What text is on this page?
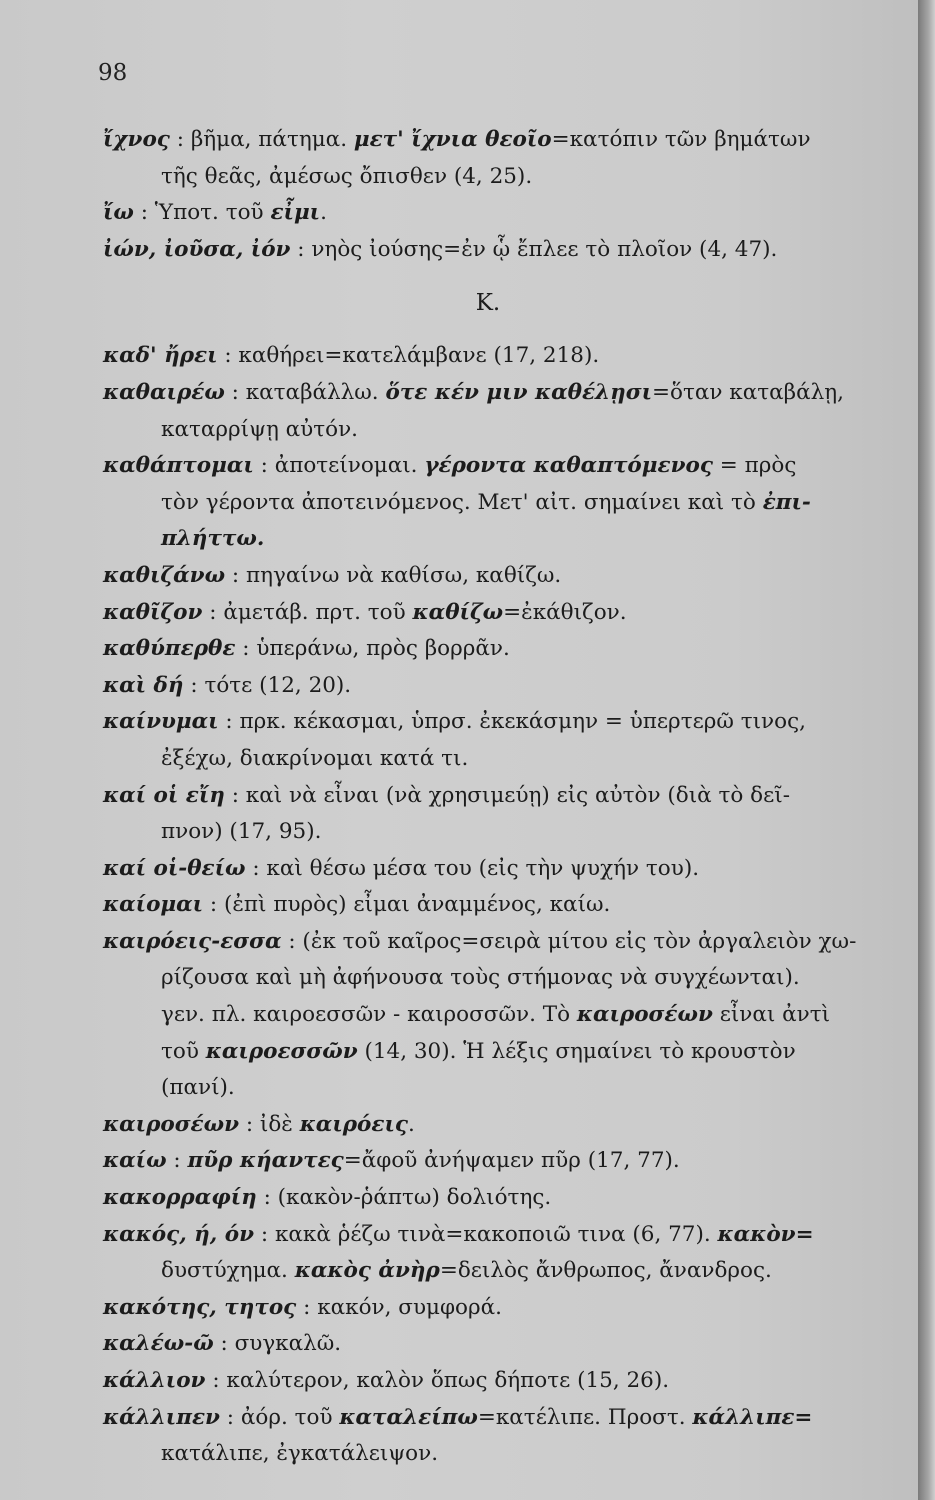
98
ἴχνος : βῆμα, πάτημα. μετ' ἴχνια θεοῖο=κατόπιν τῶν βημάτων
τῆς θεᾶς, ἀμέσως ὄπισθεν (4, 25).
ἴω : Ὑποτ. τοῦ εἶμι.
ἰών, ἰοῦσα, ἰόν : νηὸς ἰούσης=ἐν ᾧ ἔπλεε τὸ πλοῖον (4, 47).
Κ.
καδ' ἤρει : καθήρει=κατελάμβανε (17, 218).
καθαιρέω : καταβάλλω. ὅτε κέν μιν καθέλῃσι=ὅταν καταβάλῃ,
καταρρίψῃ αὐτόν.
καθάπτομαι : ἀποτείνομαι. γέροντα καθαπτόμενος = πρὸς
τὸν γέροντα ἀποτεινόμενος. Μετ' αἰτ. σημαίνει καὶ τὸ ἐπι-
πλήττω.
καθιζάνω : πηγαίνω νὰ καθίσω, καθίζω.
καθῖζον : ἀμετάβ. πρτ. τοῦ καθίζω=ἐκάθιζον.
καθύπερθε : ὑπεράνω, πρὸς βορρᾶν.
καὶ δή : τότε (12, 20).
καίνυμαι : πρκ. κέκασμαι, ὑπρσ. ἐκεκάσμην = ὑπερτερῶ τινος,
ἐξέχω, διακρίνομαι κατά τι.
καί οἱ εἴη : καὶ νὰ εἶναι (νὰ χρησιμεύῃ) εἰς αὐτὸν (διὰ τὸ δεῖ-
πνον) (17, 95).
καί οἱ-θείω : καὶ θέσω μέσα του (εἰς τὴν ψυχήν του).
καίομαι : (ἐπὶ πυρὸς) εἶμαι ἀναμμένος, καίω.
καιρόεις-εσσα : (ἐκ τοῦ καῖρος=σειρὰ μίτου εἰς τὸν ἀργαλειὸν χω-
ρίζουσα καὶ μὴ ἀφήνουσα τοὺς στήμονας νὰ συγχέωνται).
γεν. πλ. καιροεσσῶν - καιροσσῶν. Τὸ καιροσέων εἶναι ἀντὶ
τοῦ καιροεσσῶν (14, 30). Ἡ λέξις σημαίνει τὸ κρουστὸν
(πανί).
καιροσέων : ἰδὲ καιρόεις.
καίω : πῦρ κήαντες=ἄφοῦ ἀνήψαμεν πῦρ (17, 77).
κακορραφίη : (κακὸν-ῥάπτω) δολιότης.
κακός, ή, όν : κακὰ ῥέζω τινὰ=κακοποιῶ τινα (6, 77). κακὸν=
δυστύχημα. κακὸς ἀνὴρ=δειλὸς ἄνθρωπος, ἄνανδρος.
κακότης, τητος : κακόν, συμφορά.
καλέω-ῶ : συγκαλῶ.
κάλλιον : καλύτερον, καλὸν ὅπως δήποτε (15, 26).
κάλλιπεν : ἀόρ. τοῦ καταλείπω=κατέλιπε. Προστ. κάλλιπε=
κατάλιπε, ἐγκατάλειψον.
